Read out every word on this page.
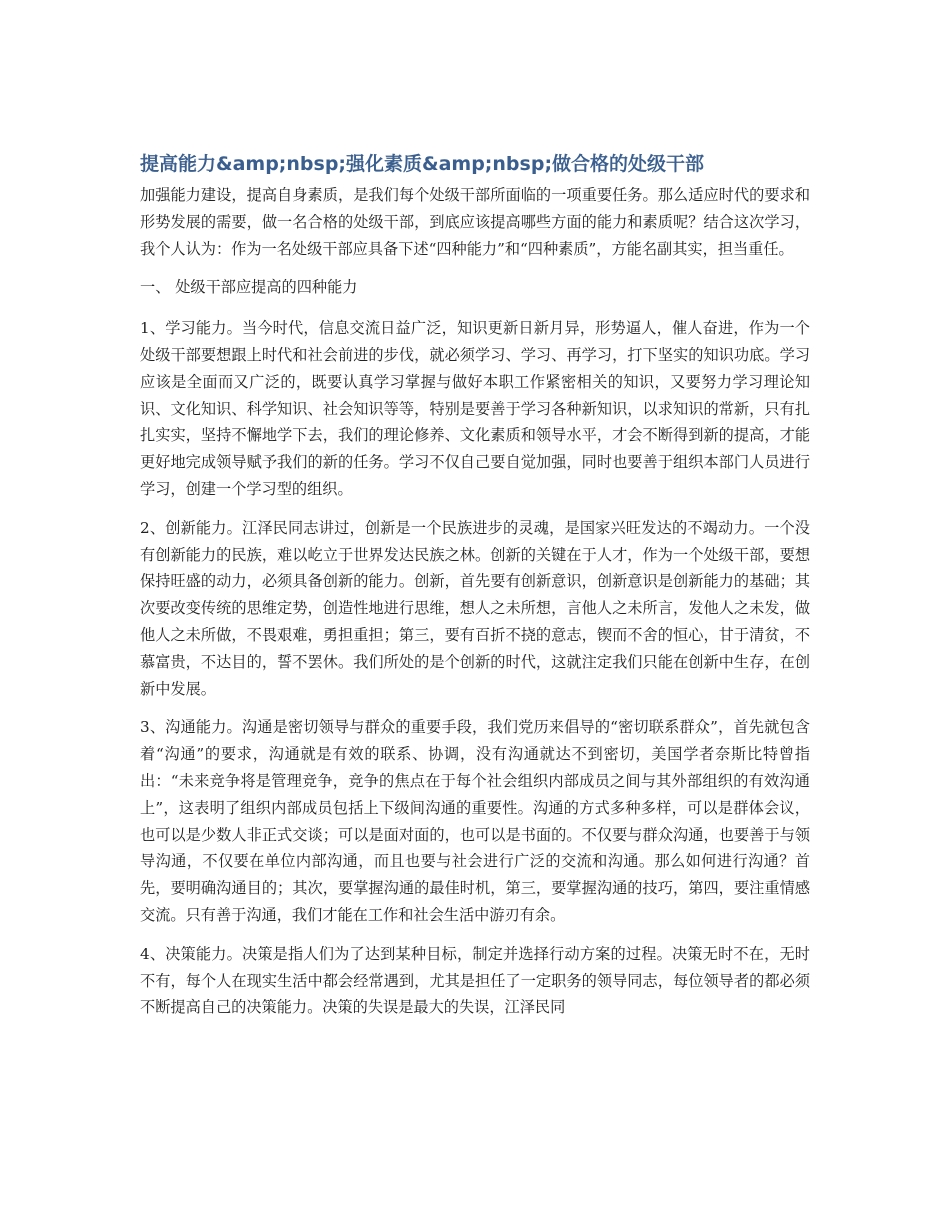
提高能力&amp;nbsp;强化素质&amp;nbsp;做合格的处级干部

加强能力建设，提高自身素质，是我们每个处级干部所面临的一项重要任务。那么适应时代的要求和形势发展的需要，做一名合格的处级干部，到底应该提高哪些方面的能力和素质呢？结合这次学习，我个人认为：作为一名处级干部应具备下述“四种能力”和“四种素质”，方能名副其实，担当重任。

一、 处级干部应提高的四种能力

1、学习能力。当今时代，信息交流日益广泛，知识更新日新月异，形势逼人，催人奋进，作为一个处级干部要想跟上时代和社会前进的步伐，就必须学习、学习、再学习，打下坚实的知识功底。学习应该是全面而又广泛的，既要认真学习掌握与做好本职工作紧密相关的知识，又要努力学习理论知识、文化知识、科学知识、社会知识等等，特别是要善于学习各种新知识，以求知识的常新，只有扎扎实实，坚持不懈地学下去，我们的理论修养、文化素质和领导水平，才会不断得到新的提高，才能更好地完成领导赋予我们的新的任务。学习不仅自己要自觉加强，同时也要善于组织本部门人员进行学习，创建一个学习型的组织。

2、创新能力。江泽民同志讲过，创新是一个民族进步的灵魂，是国家兴旺发达的不竭动力。一个没有创新能力的民族，难以屹立于世界发达民族之林。创新的关键在于人才，作为一个处级干部，要想保持旺盛的动力，必须具备创新的能力。创新，首先要有创新意识，创新意识是创新能力的基础；其次要改变传统的思维定势，创造性地进行思维，想人之未所想，言他人之未所言，发他人之未发，做他人之未所做，不畏艰难，勇担重担；第三，要有百折不挠的意志，锲而不舍的恒心，甘于清贫，不慕富贵，不达目的，誓不罢休。我们所处的是个创新的时代，这就注定我们只能在创新中生存，在创新中发展。

3、沟通能力。沟通是密切领导与群众的重要手段，我们党历来倡导的“密切联系群众”，首先就包含着“沟通”的要求，沟通就是有效的联系、协调，没有沟通就达不到密切，美国学者奈斯比特曾指出：“未来竞争将是管理竞争，竞争的焦点在于每个社会组织内部成员之间与其外部组织的有效沟通上”，这表明了组织内部成员包括上下级间沟通的重要性。沟通的方式多种多样，可以是群体会议，也可以是少数人非正式交谈；可以是面对面的，也可以是书面的。不仅要与群众沟通，也要善于与领导沟通，不仅要在单位内部沟通，而且也要与社会进行广泛的交流和沟通。那么如何进行沟通？首先，要明确沟通目的；其次，要掌握沟通的最佳时机，第三，要掌握沟通的技巧，第四，要注重情感交流。只有善于沟通，我们才能在工作和社会生活中游刃有余。

4、决策能力。决策是指人们为了达到某种目标，制定并选择行动方案的过程。决策无时不在，无时不有，每个人在现实生活中都会经常遇到，尤其是担任了一定职务的领导同志，每位领导者的都必须不断提高自己的决策能力。决策的失误是最大的失误，江泽民同
